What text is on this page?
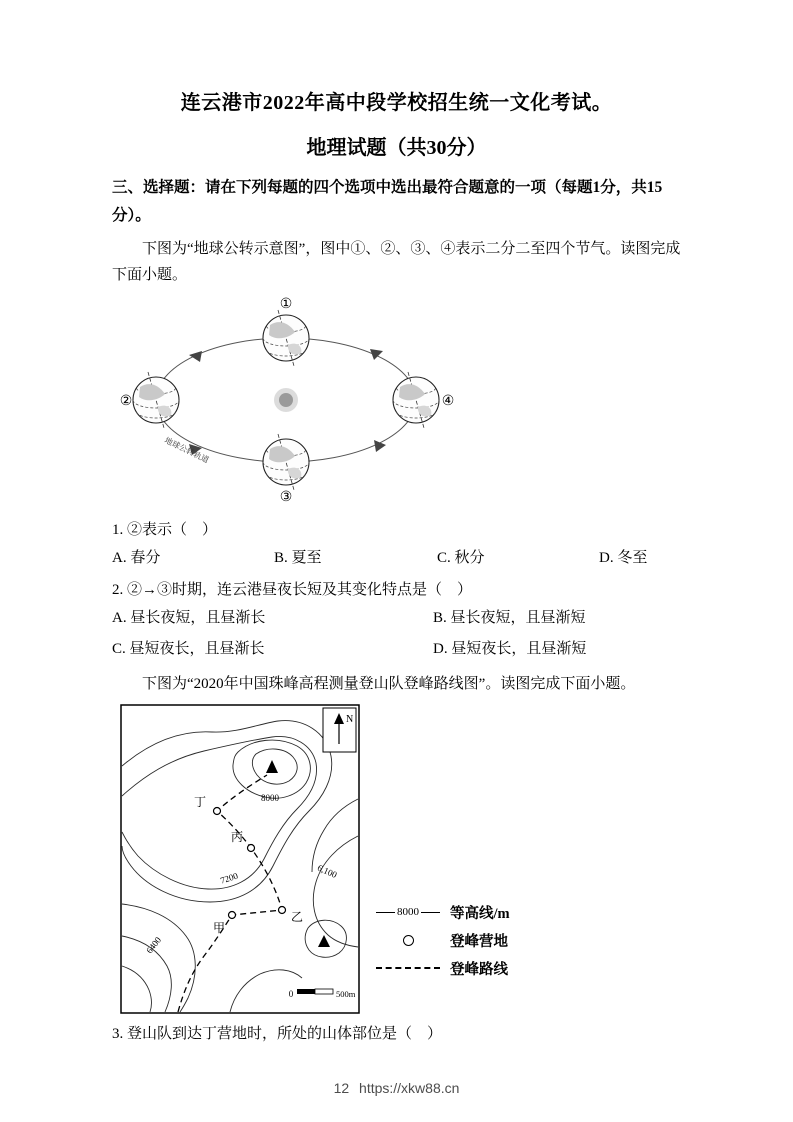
连云港市2022年高中段学校招生统一文化考试。
地理试题（共30分）

三、选择题：请在下列每题的四个选项中选出最符合题意的一项（每题1分，共15分）。

下图为“地球公转示意图”，图中①、②、③、④表示二分二至四个节气。读图完成下面小题。

①
②
③
④
地球公转轨道

1. ②表示（　）

A. 春分	B. 夏至	C. 秋分	D. 冬至

2. ②→③时期，连云港昼夜长短及其变化特点是（　）

A. 昼长夜短，且昼渐长	B. 昼长夜短，且昼渐短
C. 昼短夜长，且昼渐长	D. 昼短夜长，且昼渐短

下图为“2020年中国珠峰高程测量登山队登峰路线图”。读图完成下面小题。

丁
丙
乙
甲
8000
7200	6,100
6400
N
0	500m
8000 等高线/m
登峰营地
登峰路线

3. 登山队到达丁营地时，所处的山体部位是（　）

12 https://xkw88.cn
